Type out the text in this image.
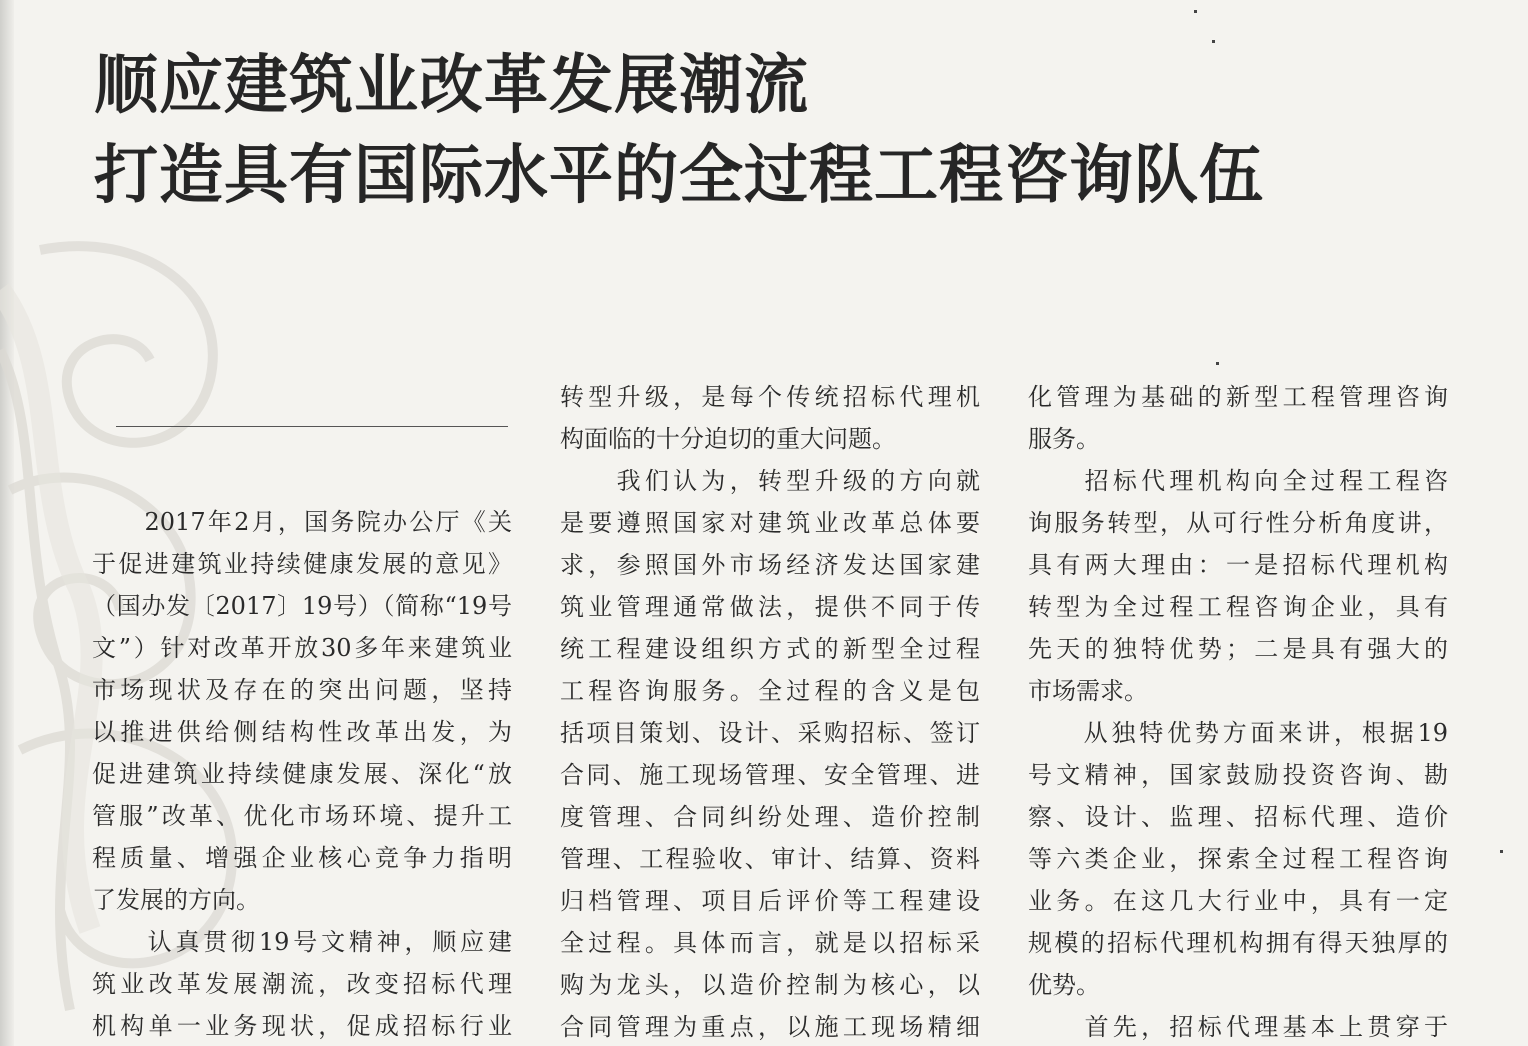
顺应建筑业改革发展潮流
打造具有国际水平的全过程工程咨询队伍
　　2017年2月，国务院办公厅《关
于促进建筑业持续健康发展的意见》
（国办发〔2017〕19号）（简称“19号
文”）针对改革开放30多年来建筑业
市场现状及存在的突出问题，坚持
以推进供给侧结构性改革出发，为
促进建筑业持续健康发展、深化“放
管服”改革、优化市场环境、提升工
程质量、增强企业核心竞争力指明
了发展的方向。
　　认真贯彻19号文精神，顺应建
筑业改革发展潮流，改变招标代理
机构单一业务现状，促成招标行业
转型升级，是每个传统招标代理机
构面临的十分迫切的重大问题。
　　我们认为，转型升级的方向就
是要遵照国家对建筑业改革总体要
求，参照国外市场经济发达国家建
筑业管理通常做法，提供不同于传
统工程建设组织方式的新型全过程
工程咨询服务。全过程的含义是包
括项目策划、设计、采购招标、签订
合同、施工现场管理、安全管理、进
度管理、合同纠纷处理、造价控制
管理、工程验收、审计、结算、资料
归档管理、项目后评价等工程建设
全过程。具体而言，就是以招标采
购为龙头，以造价控制为核心，以
合同管理为重点，以施工现场精细
化管理为基础的新型工程管理咨询
服务。
　　招标代理机构向全过程工程咨
询服务转型，从可行性分析角度讲，
具有两大理由：一是招标代理机构
转型为全过程工程咨询企业，具有
先天的独特优势；二是具有强大的
市场需求。
　　从独特优势方面来讲，根据19
号文精神，国家鼓励投资咨询、勘
察、设计、监理、招标代理、造价
等六类企业，探索全过程工程咨询
业务。在这几大行业中，具有一定
规模的招标代理机构拥有得天独厚的
优势。
　　首先，招标代理基本上贯穿于
